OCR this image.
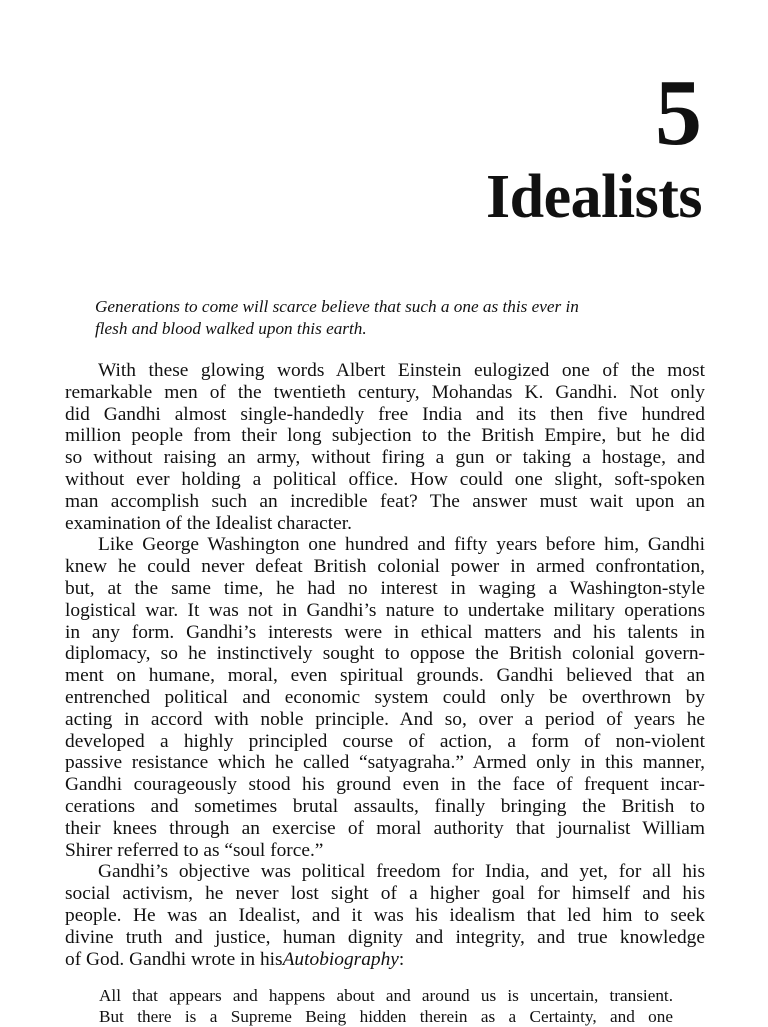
5
Idealists
Generations to come will scarce believe that such a one as this ever in
flesh and blood walked upon this earth.
With these glowing words Albert Einstein eulogized one of the most
remarkable men of the twentieth century, Mohandas K. Gandhi. Not only
did Gandhi almost single-handedly free India and its then five hundred
million people from their long subjection to the British Empire, but he did
so without raising an army, without firing a gun or taking a hostage, and
without ever holding a political office. How could one slight, soft-spoken
man accomplish such an incredible feat? The answer must wait upon an
examination of the Idealist character.
Like George Washington one hundred and fifty years before him, Gandhi
knew he could never defeat British colonial power in armed confrontation,
but, at the same time, he had no interest in waging a Washington-style
logistical war. It was not in Gandhi’s nature to undertake military operations
in any form. Gandhi’s interests were in ethical matters and his talents in
diplomacy, so he instinctively sought to oppose the British colonial govern-
ment on humane, moral, even spiritual grounds. Gandhi believed that an
entrenched political and economic system could only be overthrown by
acting in accord with noble principle. And so, over a period of years he
developed a highly principled course of action, a form of non-violent
passive resistance which he called “satyagraha.” Armed only in this manner,
Gandhi courageously stood his ground even in the face of frequent incar-
cerations and sometimes brutal assaults, finally bringing the British to
their knees through an exercise of moral authority that journalist William
Shirer referred to as “soul force.”
Gandhi’s objective was political freedom for India, and yet, for all his
social activism, he never lost sight of a higher goal for himself and his
people. He was an Idealist, and it was his idealism that led him to seek
divine truth and justice, human dignity and integrity, and true knowledge
of God. Gandhi wrote in hisAutobiography:
All that appears and happens about and around us is uncertain, transient.
But there is a Supreme Being hidden therein as a Certainty, and one
